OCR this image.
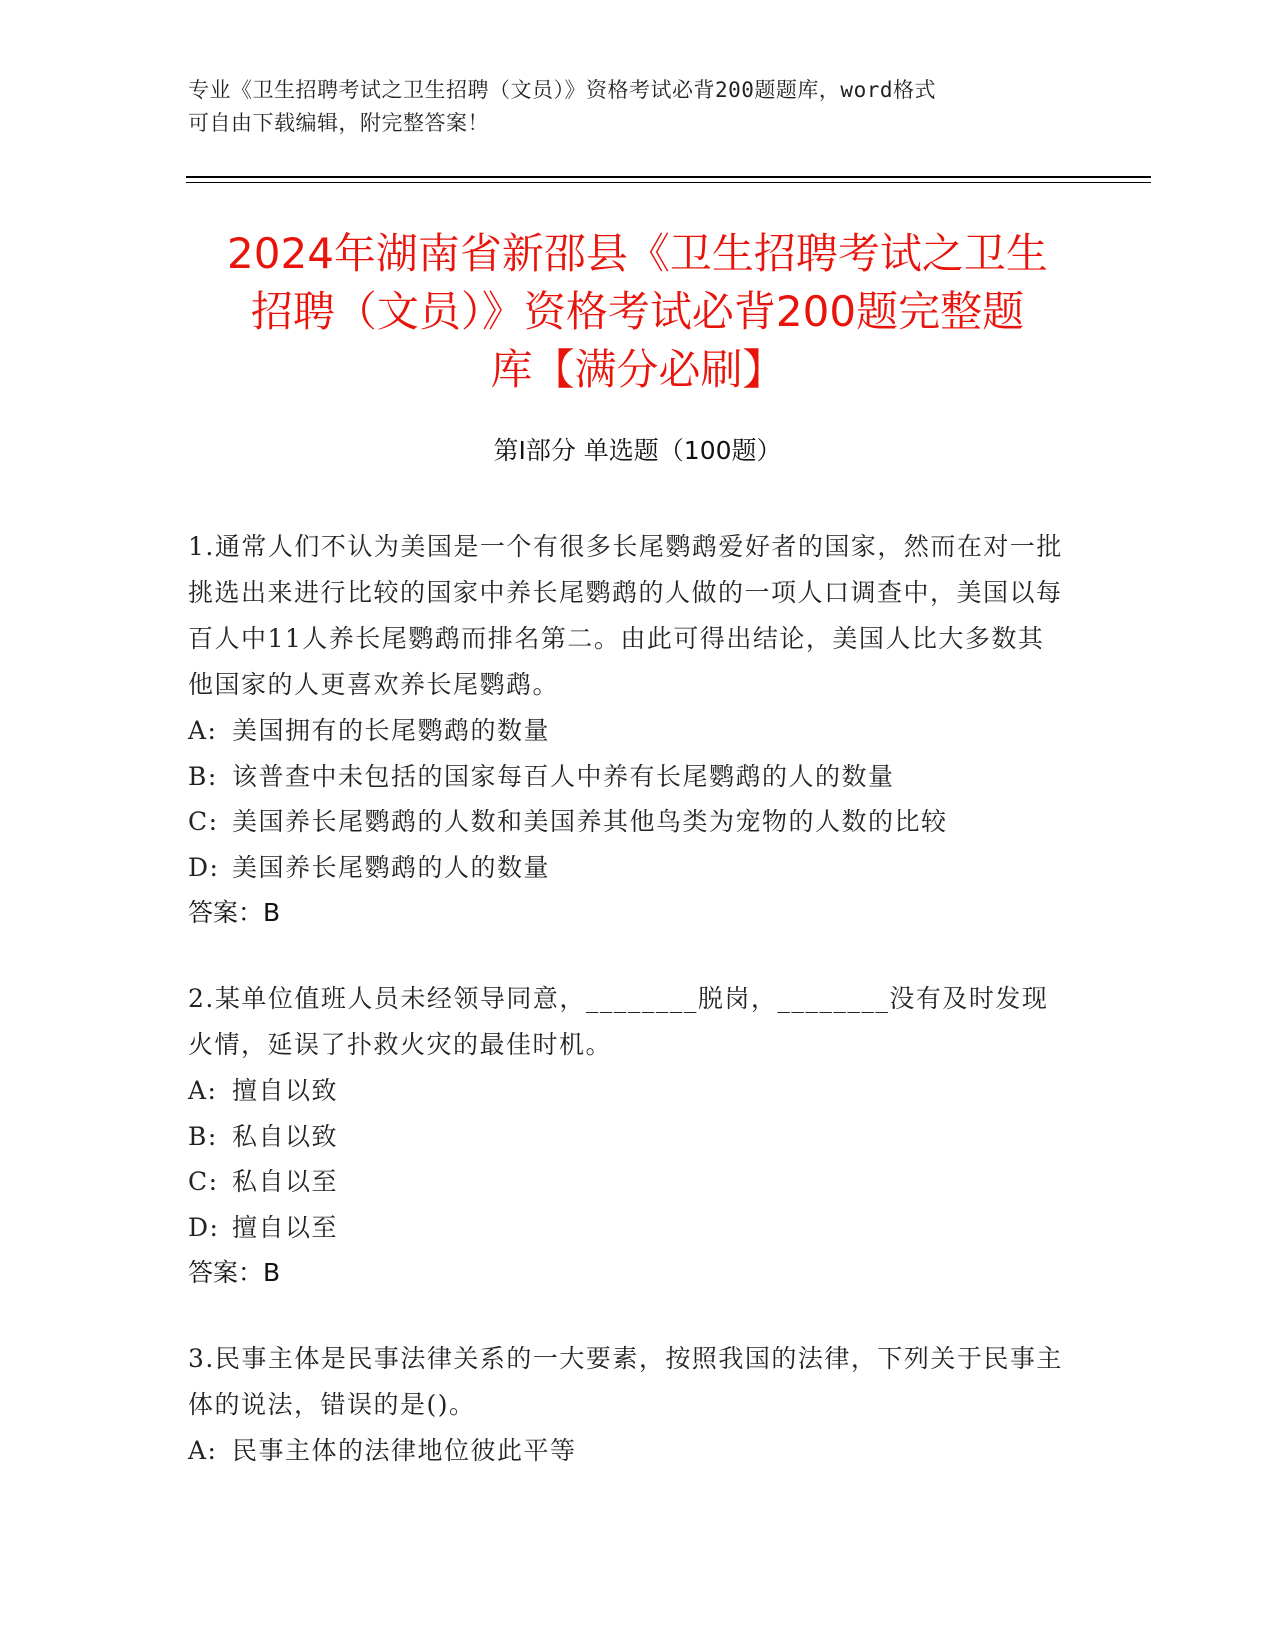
专业《卫生招聘考试之卫生招聘（文员）》资格考试必背200题题库，word格式
可自由下载编辑，附完整答案！
2024年湖南省新邵县《卫生招聘考试之卫生
招聘（文员）》资格考试必背200题完整题
库【满分必刷】
第I部分 单选题（100题）

1.通常人们不认为美国是一个有很多长尾鹦鹉爱好者的国家，然而在对一批挑选出来进行比较的国家中养长尾鹦鹉的人做的一项人口调查中，美国以每百人中11人养长尾鹦鹉而排名第二。由此可得出结论，美国人比大多数其他国家的人更喜欢养长尾鹦鹉。

A: 美国拥有的长尾鹦鹉的数量

B: 该普查中未包括的国家每百人中养有长尾鹦鹉的人的数量

C: 美国养长尾鹦鹉的人数和美国养其他鸟类为宠物的人数的比较

D: 美国养长尾鹦鹉的人的数量

答案：B

2.某单位值班人员未经领导同意，________脱岗，________没有及时发现火情，延误了扑救火灾的最佳时机。

A: 擅自以致

B: 私自以致

C: 私自以至

D: 擅自以至

答案：B

3.民事主体是民事法律关系的一大要素，按照我国的法律，下列关于民事主体的说法，错误的是()。

A: 民事主体的法律地位彼此平等
